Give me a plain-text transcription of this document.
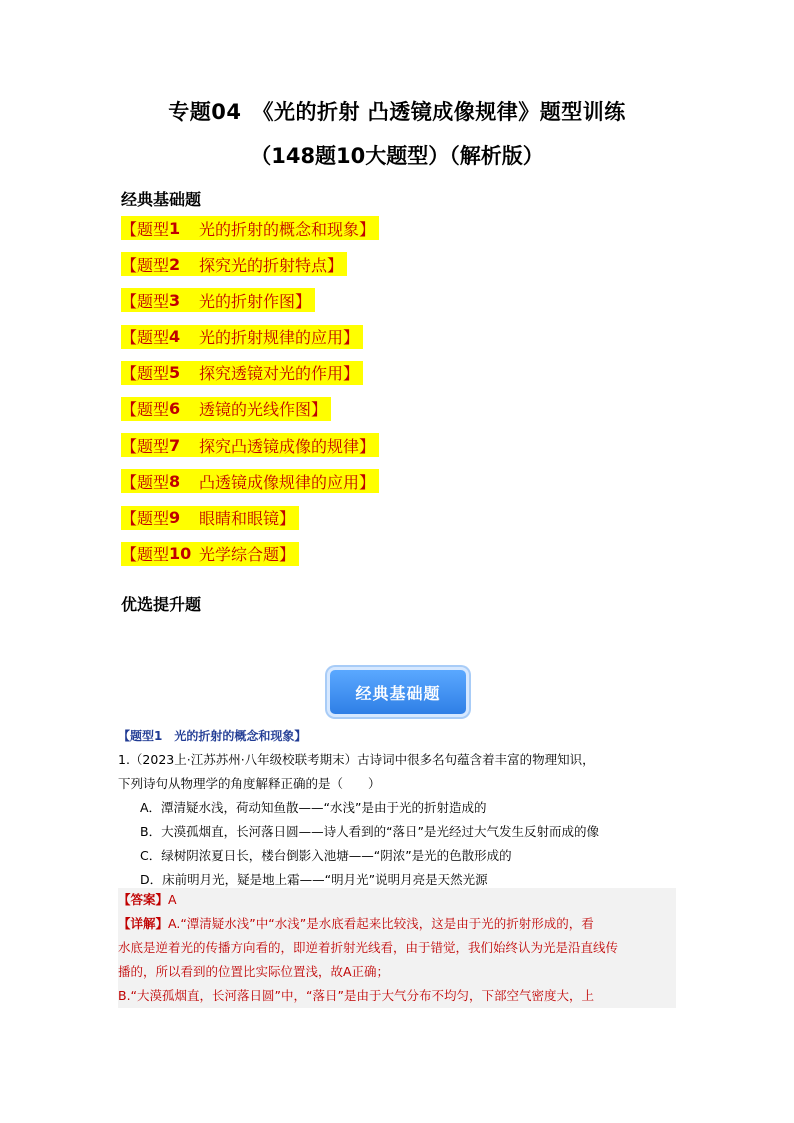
专题04　《光的折射 凸透镜成像规律》题型训练
（148题10大题型）（解析版）
经典基础题
【题型 1	光的折射的概念和现象】
【题型 2	探究光的折射特点】
【题型 3	光的折射作图】
【题型 4	光的折射规律的应用】
【题型 5	探究透镜对光的作用】
【题型 6	透镜的光线作图】
【题型 7	探究凸透镜成像的规律】
【题型 8	凸透镜成像规律的应用】
【题型 9	眼睛和眼镜】
【题型 10 光学综合题】
优选提升题
经典基础题
【题型1　光的折射的概念和现象】
1.（2023上·江苏苏州·八年级校联考期末）古诗词中很多名句蕴含着丰富的物理知识，
下列诗句从物理学的角度解释正确的是（　　）
A．潭清疑水浅，荷动知鱼散——“水浅”是由于光的折射造成的
B．大漠孤烟直，长河落日圆——诗人看到的“落日”是光经过大气发生反射而成的像
C．绿树阴浓夏日长，楼台倒影入池塘——“阴浓”是光的色散形成的
D．床前明月光，疑是地上霜——“明月光”说明月亮是天然光源
【答案】A
【详解】A.“潭清疑水浅”中“水浅”是水底看起来比较浅，这是由于光的折射形成的，看
水底是逆着光的传播方向看的，即逆着折射光线看，由于错觉，我们始终认为光是沿直线传
播的，所以看到的位置比实际位置浅，故A正确；
B.“大漠孤烟直，长河落日圆”中，“落日”是由于大气分布不均匀，下部空气密度大，上
